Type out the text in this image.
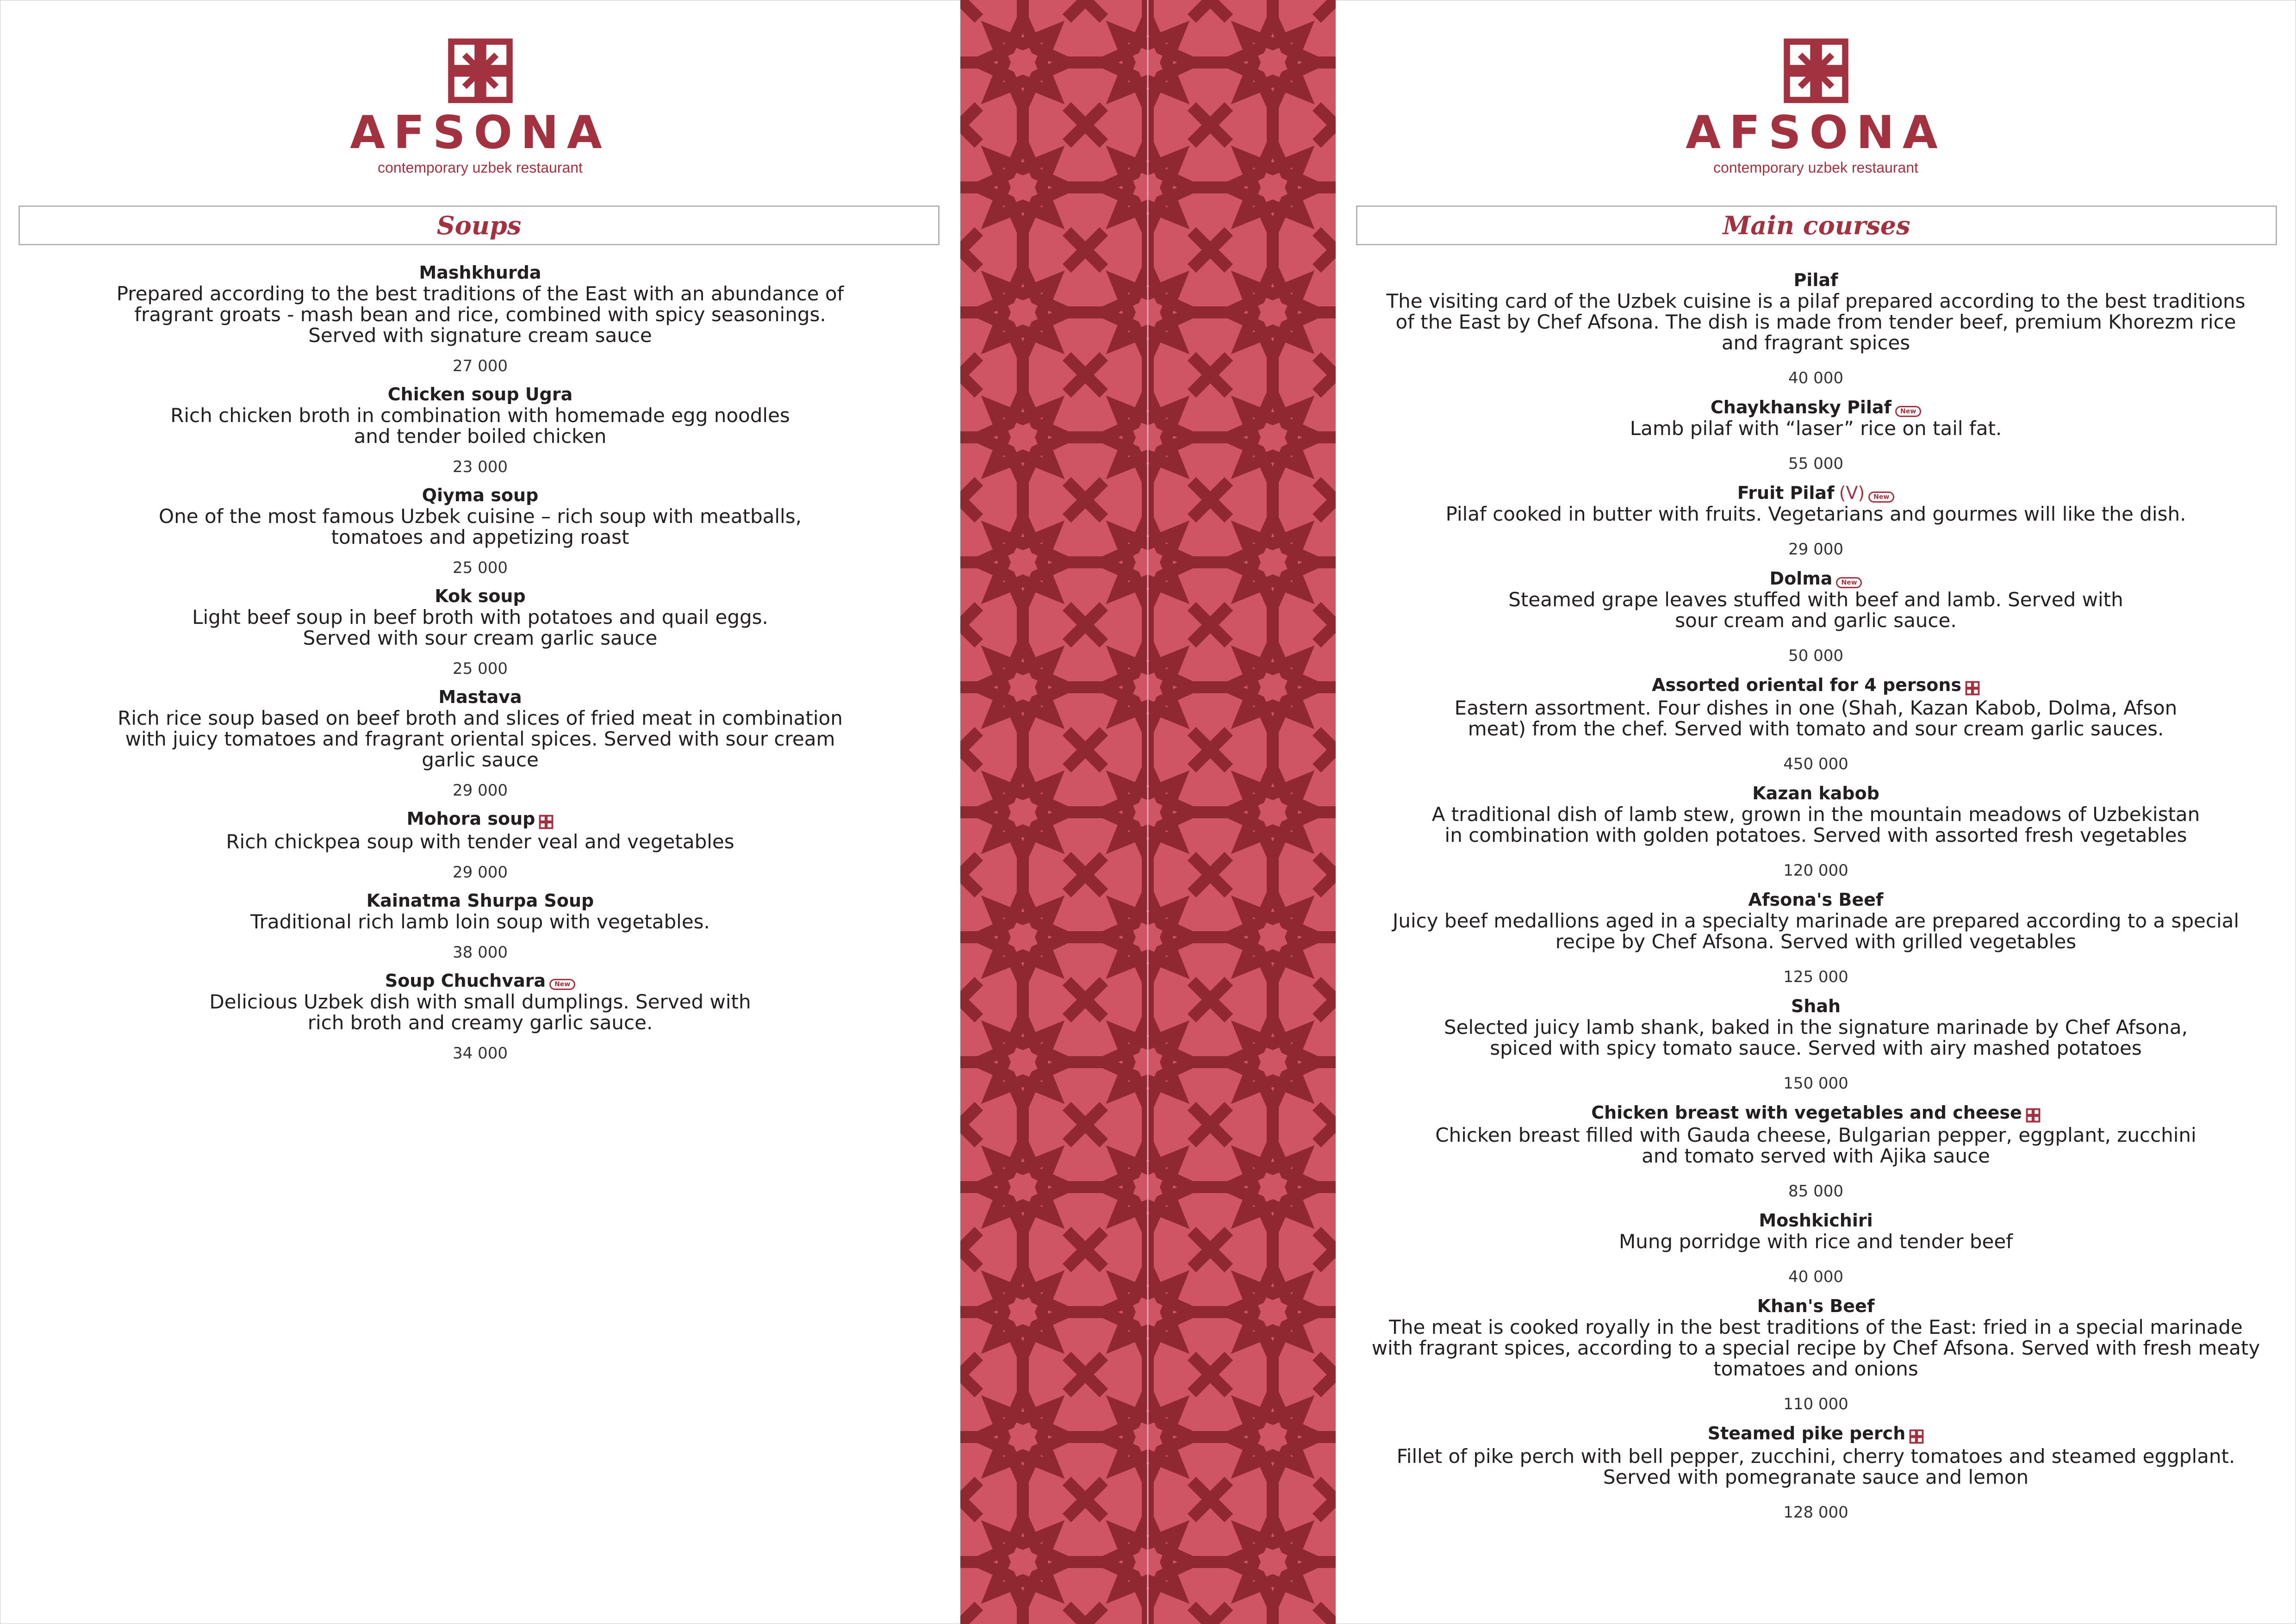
AFSONA
contemporary uzbek restaurant
Soups
Mashkhurda
Prepared according to the best traditions of the East with an abundance of fragrant groats - mash bean and rice, combined with spicy seasonings. Served with signature cream sauce
27 000
Chicken soup Ugra
Rich chicken broth in combination with homemade egg noodles and tender boiled chicken
23 000
Qiyma soup
One of the most famous Uzbek cuisine – rich soup with meatballs, tomatoes and appetizing roast
25 000
Kok soup
Light beef soup in beef broth with potatoes and quail eggs. Served with sour cream garlic sauce
25 000
Mastava
Rich rice soup based on beef broth and slices of fried meat in combination with juicy tomatoes and fragrant oriental spices. Served with sour cream garlic sauce
29 000
Mohora soup
Rich chickpea soup with tender veal and vegetables
29 000
Kainatma Shurpa Soup
Traditional rich lamb loin soup with vegetables.
38 000
Soup Chuchvara New
Delicious Uzbek dish with small dumplings. Served with rich broth and creamy garlic sauce.
34 000
AFSONA
contemporary uzbek restaurant
Main courses
Pilaf
The visiting card of the Uzbek cuisine is a pilaf prepared according to the best traditions of the East by Chef Afsona. The dish is made from tender beef, premium Khorezm rice and fragrant spices
40 000
Chaykhansky Pilaf New
Lamb pilaf with “laser” rice on tail fat.
55 000
Fruit Pilaf (V) New
Pilaf cooked in butter with fruits. Vegetarians and gourmes will like the dish.
29 000
Dolma New
Steamed grape leaves stuffed with beef and lamb. Served with sour cream and garlic sauce.
50 000
Assorted oriental for 4 persons
Eastern assortment. Four dishes in one (Shah, Kazan Kabob, Dolma, Afson meat) from the chef. Served with tomato and sour cream garlic sauces.
450 000
Kazan kabob
A traditional dish of lamb stew, grown in the mountain meadows of Uzbekistan in combination with golden potatoes. Served with assorted fresh vegetables
120 000
Afsona's Beef
Juicy beef medallions aged in a specialty marinade are prepared according to a special recipe by Chef Afsona. Served with grilled vegetables
125 000
Shah
Selected juicy lamb shank, baked in the signature marinade by Chef Afsona, spiced with spicy tomato sauce. Served with airy mashed potatoes
150 000
Chicken breast with vegetables and cheese
Chicken breast filled with Gauda cheese, Bulgarian pepper, eggplant, zucchini and tomato served with Ajika sauce
85 000
Moshkichiri
Mung porridge with rice and tender beef
40 000
Khan's Beef
The meat is cooked royally in the best traditions of the East: fried in a special marinade with fragrant spices, according to a special recipe by Chef Afsona. Served with fresh meaty tomatoes and onions
110 000
Steamed pike perch
Fillet of pike perch with bell pepper, zucchini, cherry tomatoes and steamed eggplant. Served with pomegranate sauce and lemon
128 000
